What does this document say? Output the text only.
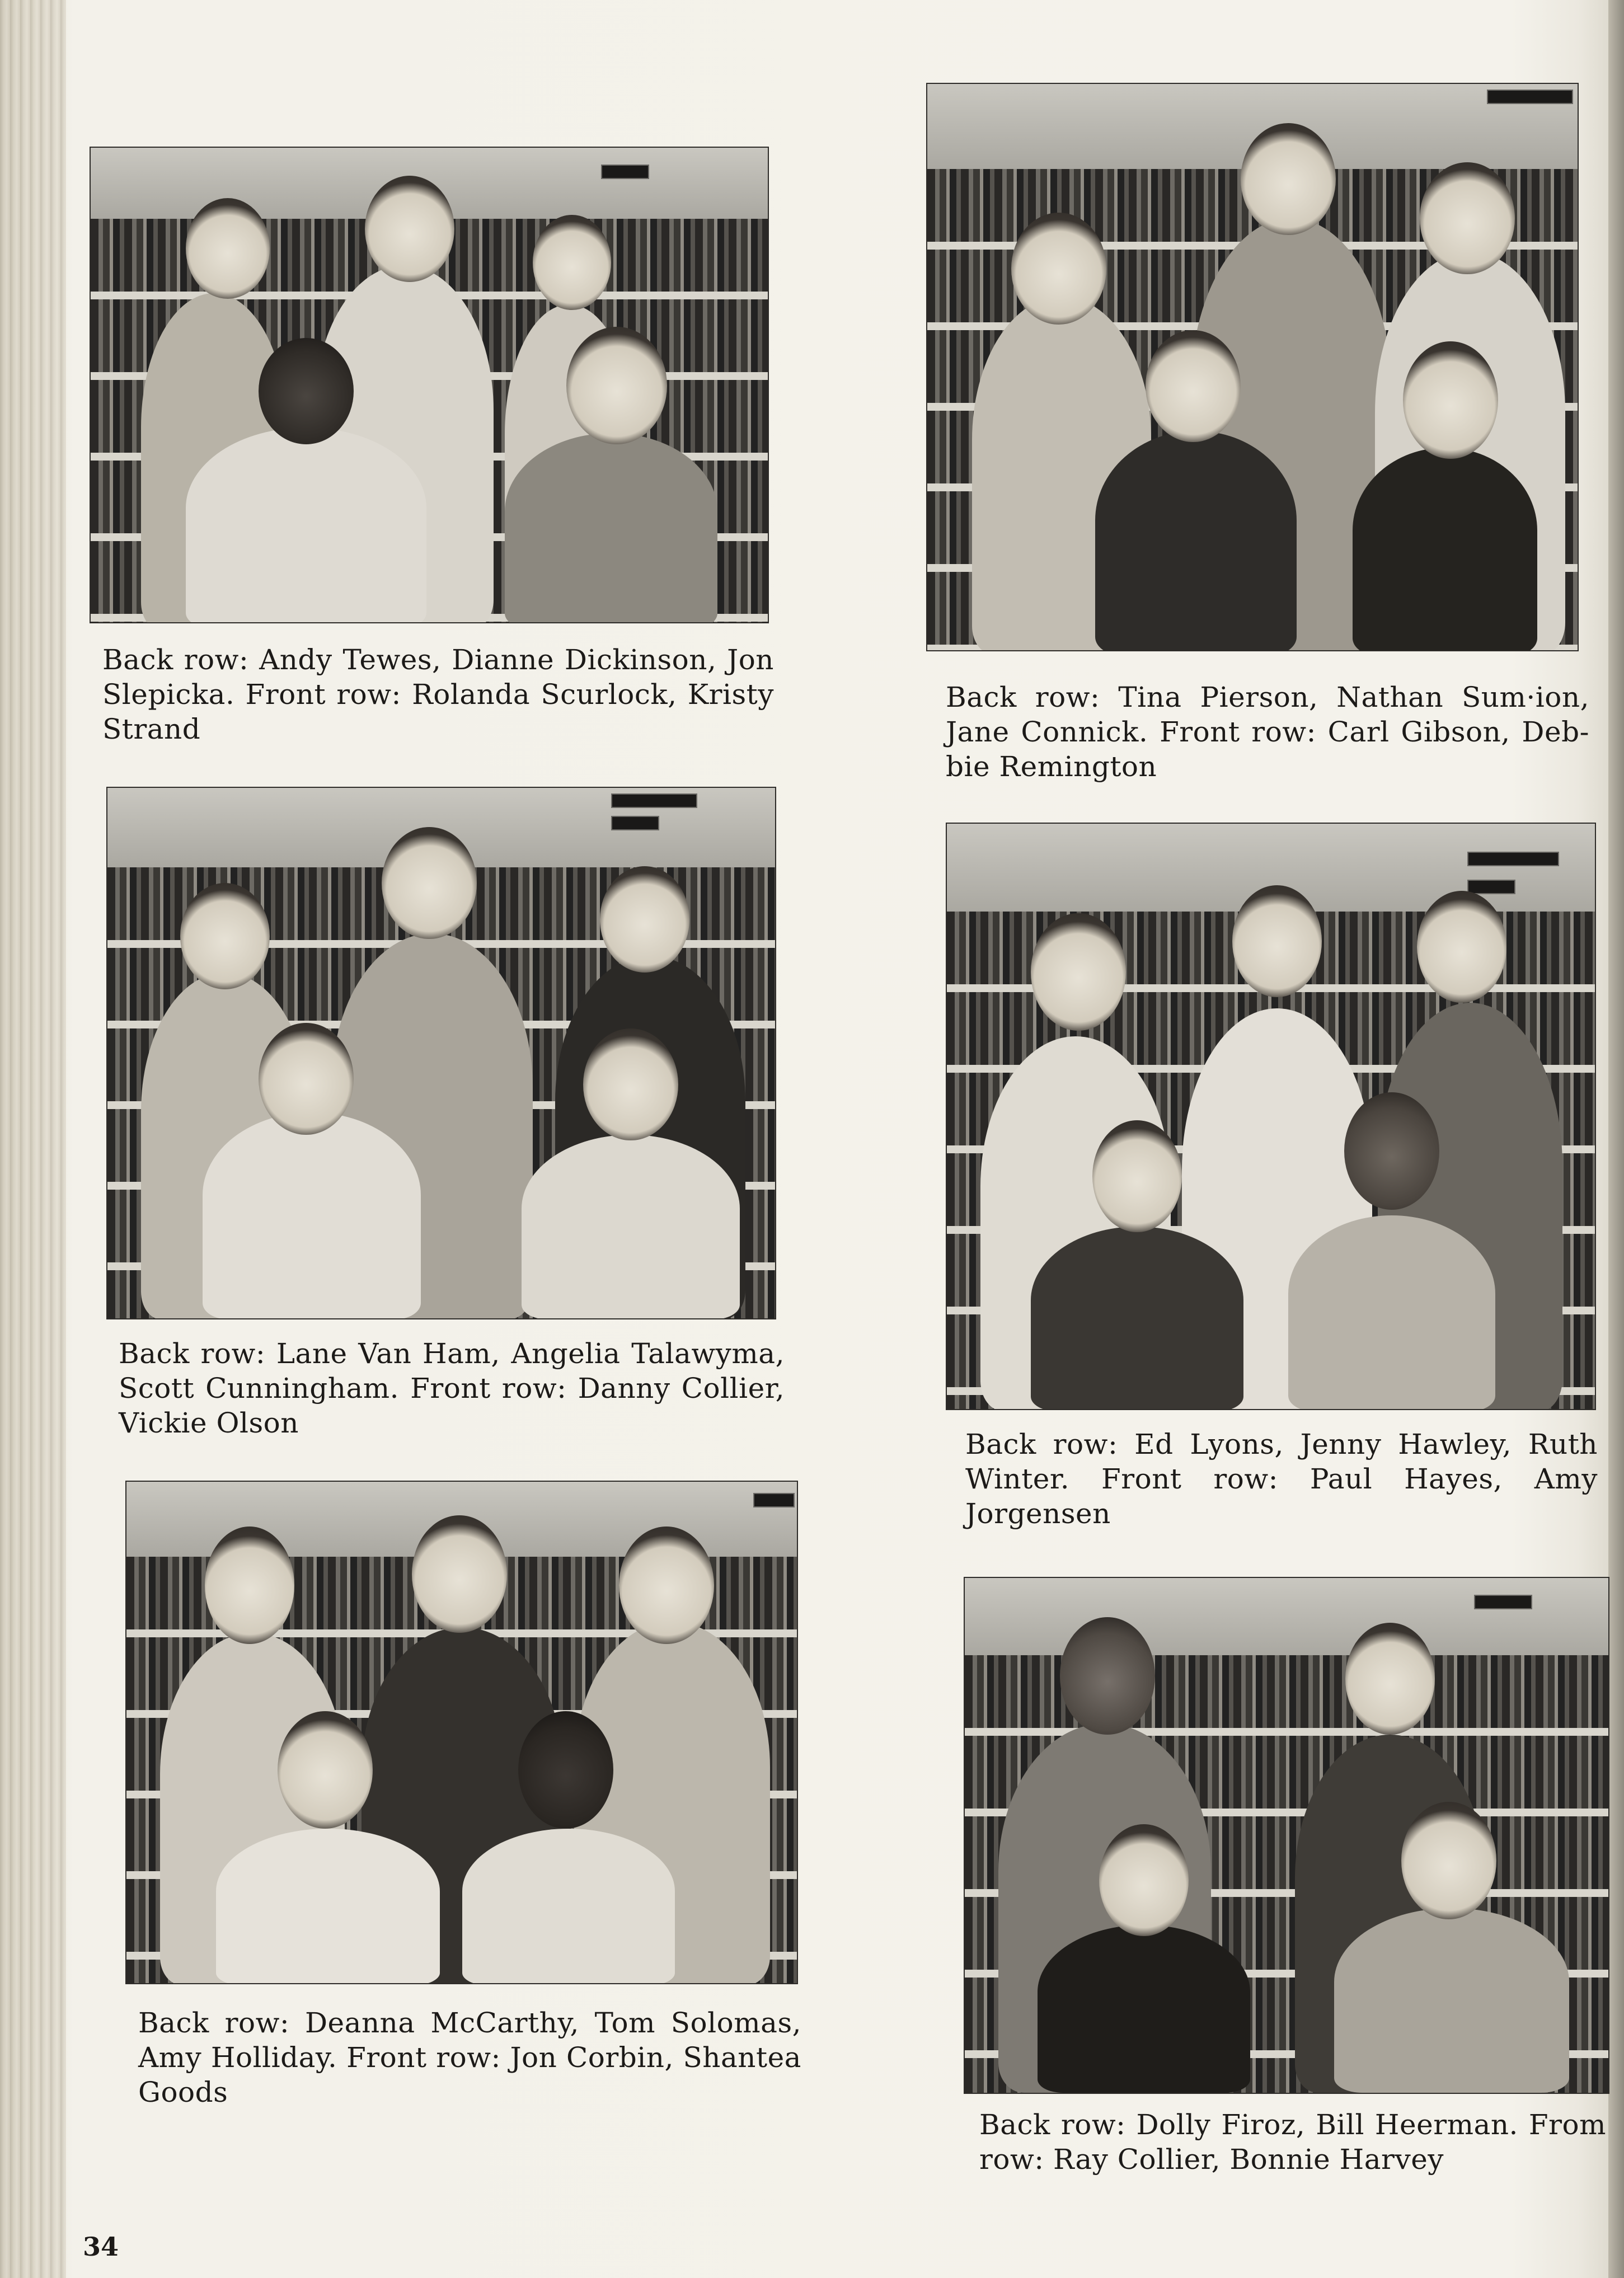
Back row: Andy Tewes, Dianne Dickinson, Jon Slepicka. Front row: Rolanda Scurlock, Kristy Strand
Back row: Tina Pierson, Nathan Sum·ion, Jane Connick. Front row: Carl Gibson, Deb-bie Remington
Back row: Lane Van Ham, Angelia Talawyma, Scott Cunningham. Front row: Danny Collier, Vickie Olson
Back row: Ed Lyons, Jenny Hawley, Ruth Winter. Front row: Paul Hayes, Amy Jorgensen
Back row: Deanna McCarthy, Tom Solomas, Amy Holliday. Front row: Jon Corbin, Shantea Goods
Back row: Dolly Firoz, Bill Heerman. From row: Ray Collier, Bonnie Harvey
34
